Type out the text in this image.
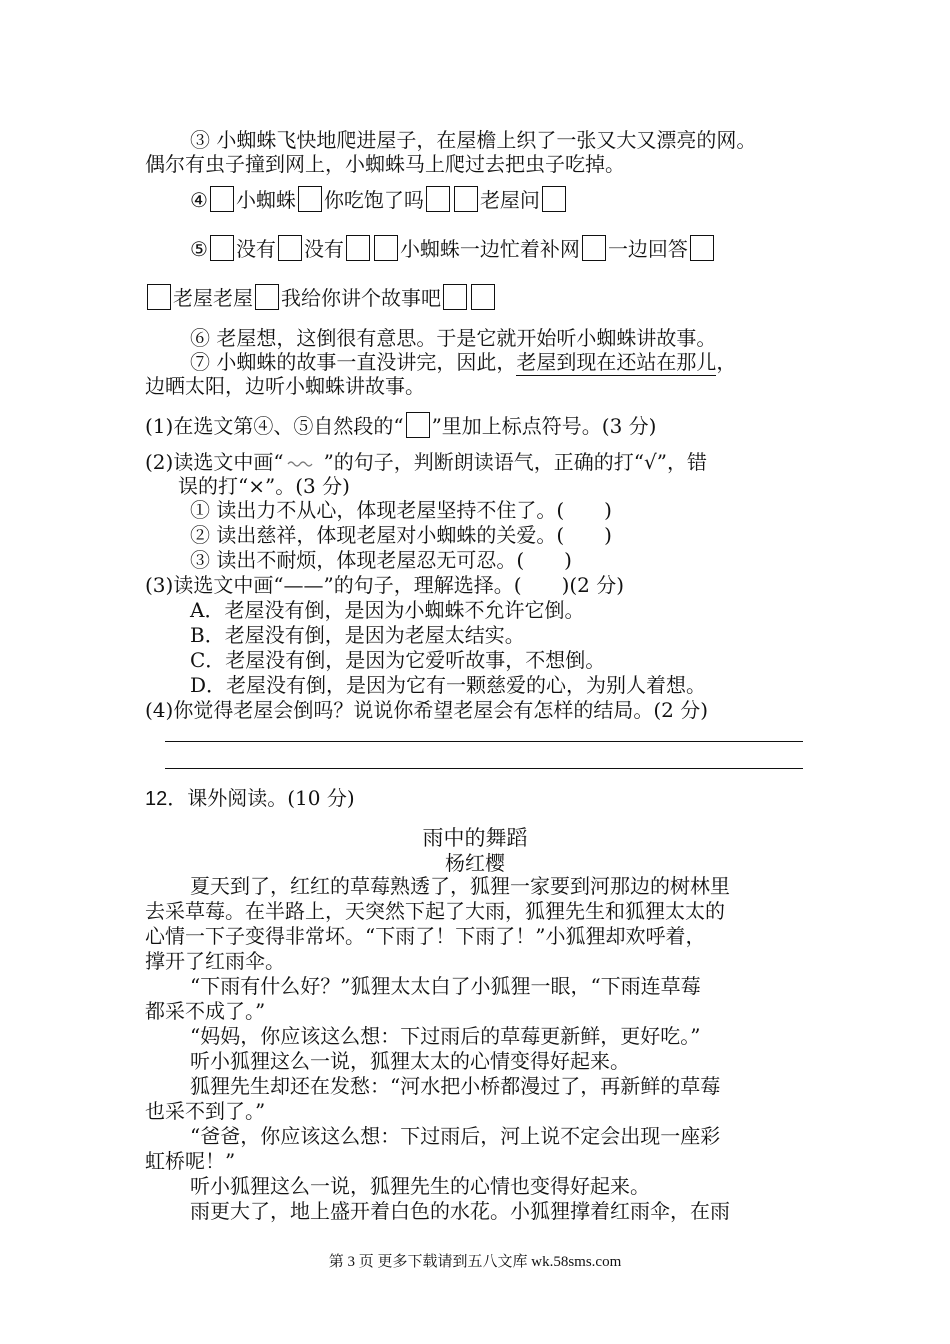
③ 小蜘蛛飞快地爬进屋子，在屋檐上织了一张又大又漂亮的网。
偶尔有虫子撞到网上，小蜘蛛马上爬过去把虫子吃掉。
④ 小蜘蛛 你吃饱了吗	老屋问
⑤ 没有 没有	小蜘蛛一边忙着补网 一边回答
老屋老屋 我给你讲个故事吧
⑥ 老屋想，这倒很有意思。于是它就开始听小蜘蛛讲故事。
⑦ 小蜘蛛的故事一直没讲完，因此，老屋到现在还站在那儿，
边晒太阳，边听小蜘蛛讲故事。
(1)在选文第④、⑤自然段的“ ”里加上标点符号。(3 分)
(2)读选文中画“ ”的句子，判断朗读语气，正确的打“√”，错
误的打“×”。(3 分)
① 读出力不从心，体现老屋坚持不住了。(　　)
② 读出慈祥，体现老屋对小蜘蛛的关爱。(　　)
③ 读出不耐烦，体现老屋忍无可忍。(　　)
(3)读选文中画“——”的句子，理解选择。(　　)(2 分)
A．老屋没有倒，是因为小蜘蛛不允许它倒。
B．老屋没有倒，是因为老屋太结实。
C．老屋没有倒，是因为它爱听故事，不想倒。
D．老屋没有倒，是因为它有一颗慈爱的心，为别人着想。
(4)你觉得老屋会倒吗？说说你希望老屋会有怎样的结局。(2 分)
12．课外阅读。(10 分)
雨中的舞蹈
杨红樱
夏天到了，红红的草莓熟透了，狐狸一家要到河那边的树林里
去采草莓。在半路上，天突然下起了大雨，狐狸先生和狐狸太太的
心情一下子变得非常坏。“下雨了！下雨了！”小狐狸却欢呼着，
撑开了红雨伞。
“下雨有什么好？”狐狸太太白了小狐狸一眼，“下雨连草莓
都采不成了。”
“妈妈，你应该这么想：下过雨后的草莓更新鲜，更好吃。”
听小狐狸这么一说，狐狸太太的心情变得好起来。
狐狸先生却还在发愁：“河水把小桥都漫过了，再新鲜的草莓
也采不到了。”
“爸爸，你应该这么想：下过雨后，河上说不定会出现一座彩
虹桥呢！”
听小狐狸这么一说，狐狸先生的心情也变得好起来。
雨更大了，地上盛开着白色的水花。小狐狸撑着红雨伞，在雨
第 3 页 更多下载请到五八文库 wk.58sms.com
